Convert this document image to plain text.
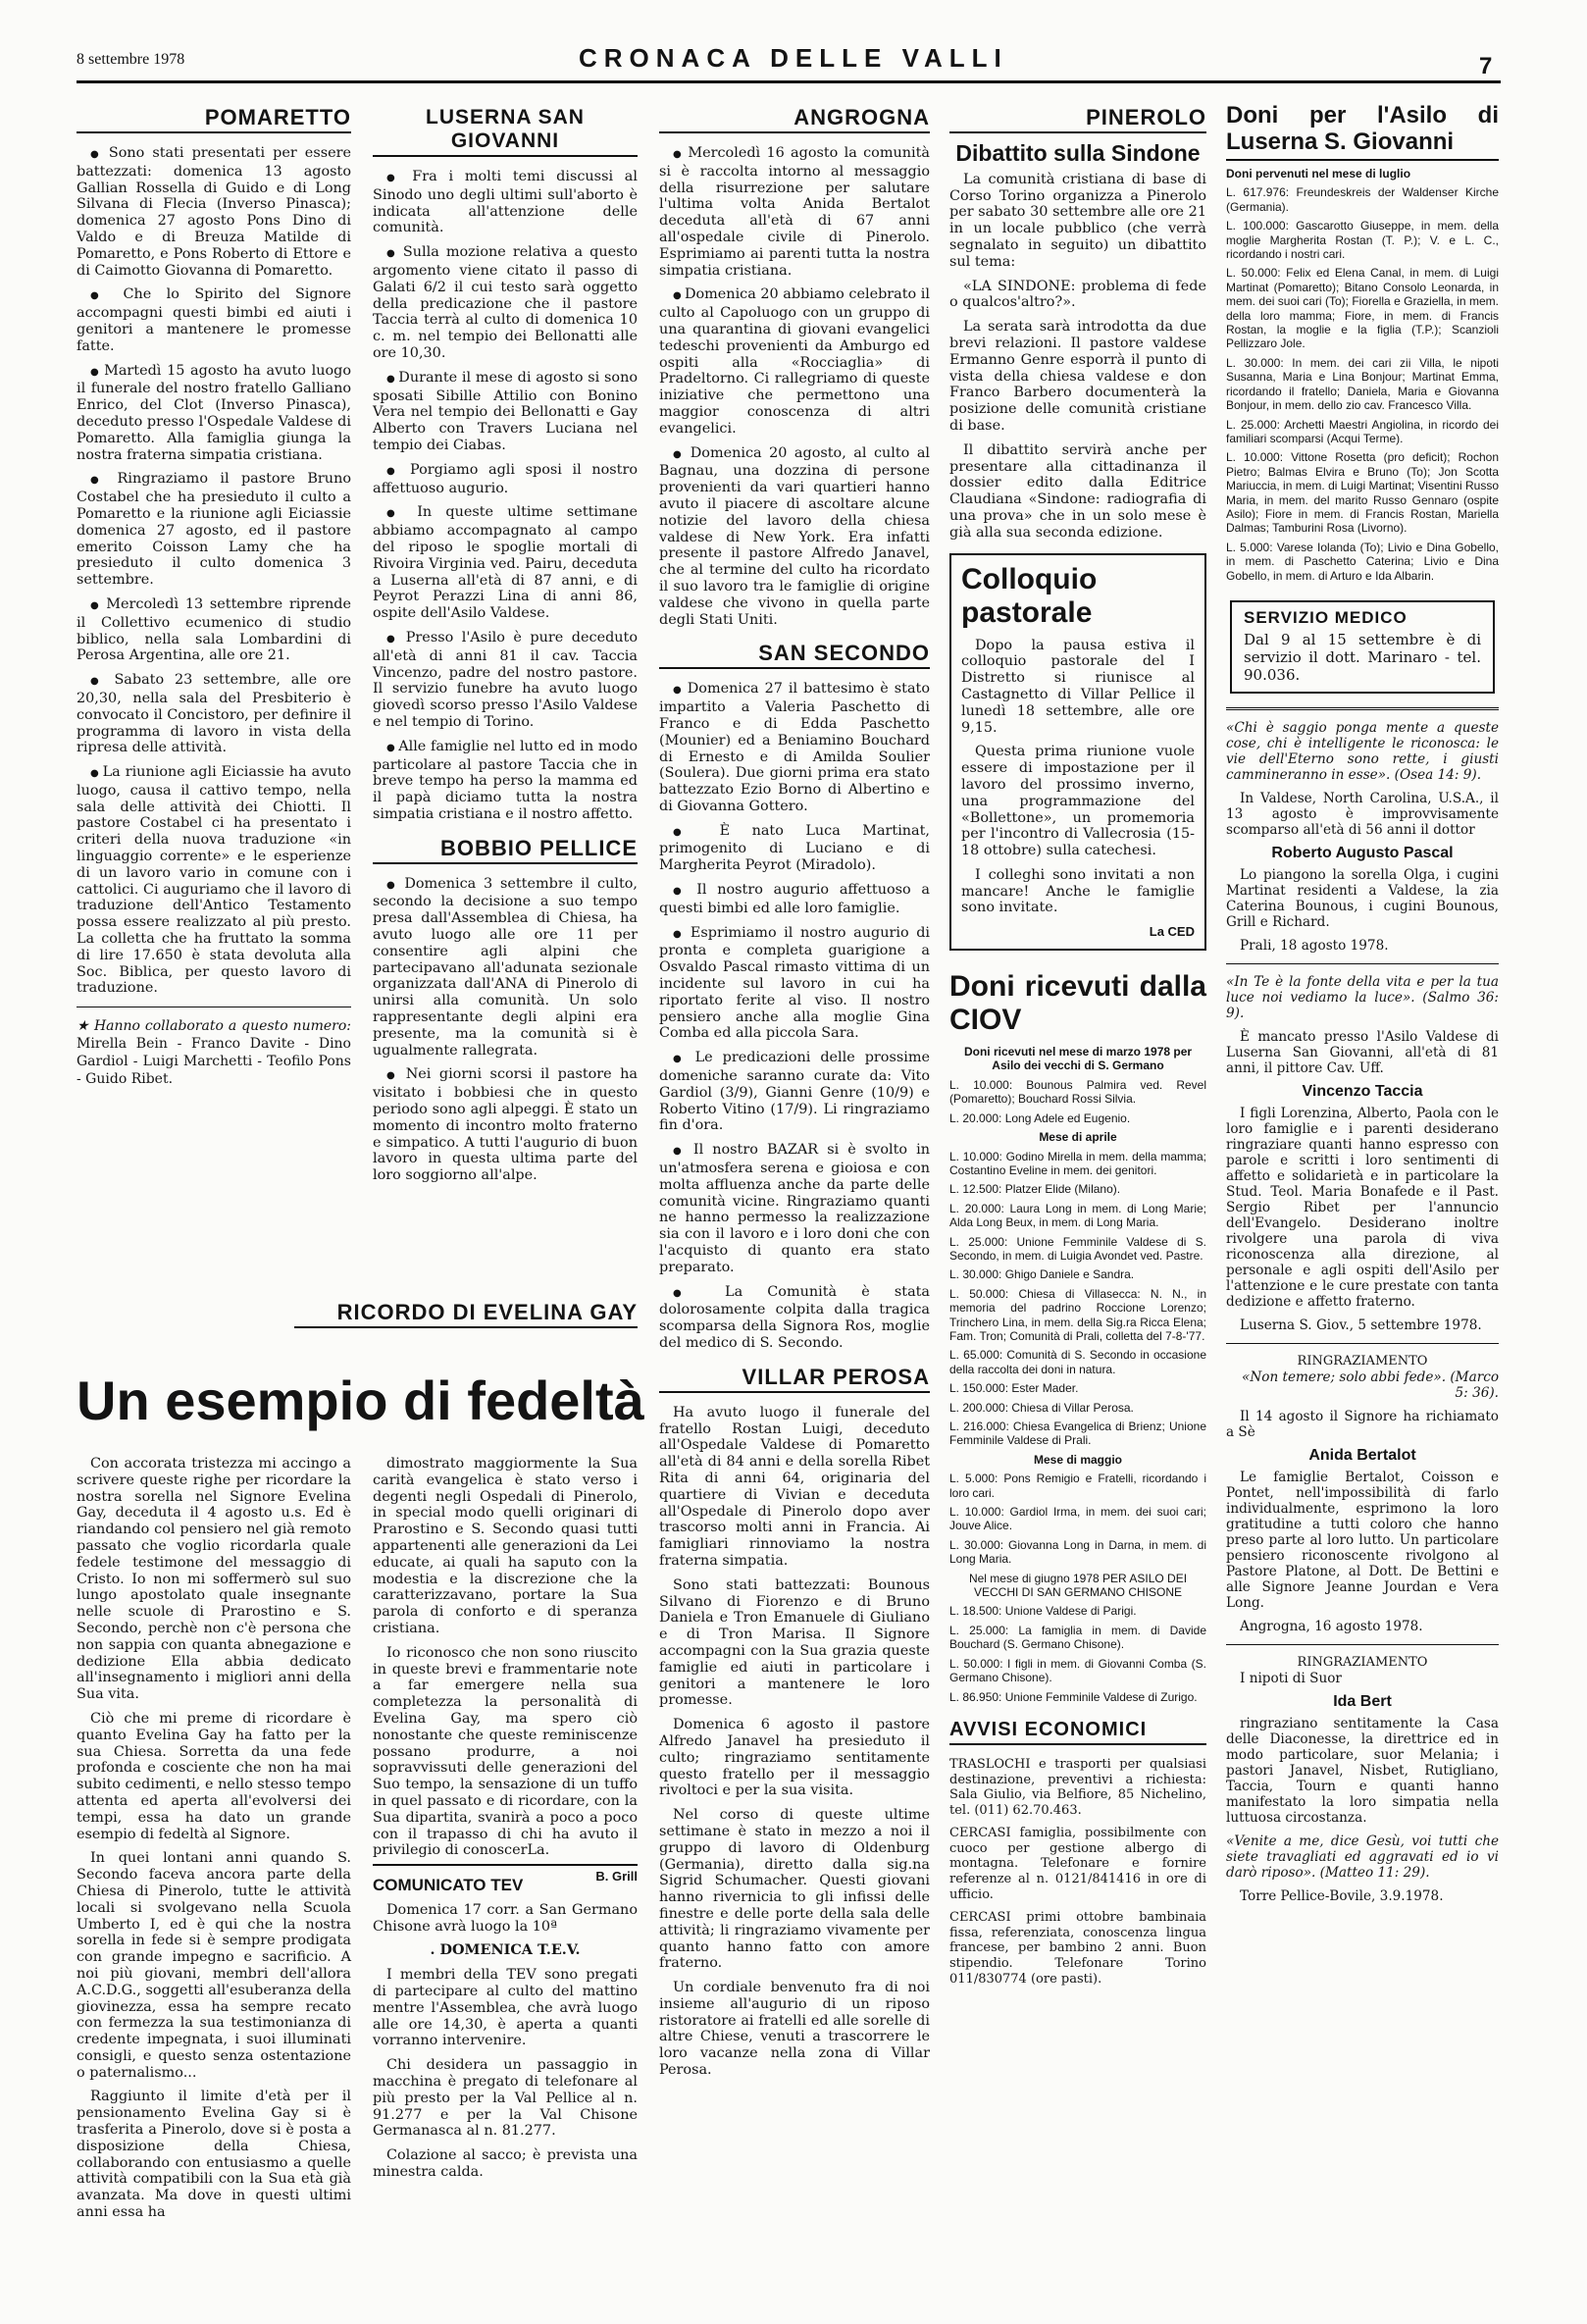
8 settembre 1978	CRONACA DELLE VALLI	7
POMARETTO

● Sono stati presentati per essere battezzati: domenica 13 agosto Gallian Rossella di Guido e di Long Silvana di Flecia (Inverso Pinasca); domenica 27 agosto Pons Dino di Valdo e di Breuza Matilde di Pomaretto, e Pons Roberto di Ettore e di Caimotto Giovanna di Pomaretto.

● Che lo Spirito del Signore accompagni questi bimbi ed aiuti i genitori a mantenere le promesse fatte.

● Martedì 15 agosto ha avuto luogo il funerale del nostro fratello Galliano Enrico, del Clot (Inverso Pinasca), deceduto presso l'Ospedale Valdese di Pomaretto. Alla famiglia giunga la nostra fraterna simpatia cristiana.

● Ringraziamo il pastore Bruno Costabel che ha presieduto il culto a Pomaretto e la riunione agli Eiciassie domenica 27 agosto, ed il pastore emerito Coisson Lamy che ha presieduto il culto domenica 3 settembre.

● Mercoledì 13 settembre riprende il Collettivo ecumenico di studio biblico, nella sala Lombardini di Perosa Argentina, alle ore 21.

● Sabato 23 settembre, alle ore 20,30, nella sala del Presbiterio è convocato il Concistoro, per definire il programma di lavoro in vista della ripresa delle attività.

● La riunione agli Eiciassie ha avuto luogo, causa il cattivo tempo, nella sala delle attività dei Chiotti. Il pastore Costabel ci ha presentato i criteri della nuova traduzione «in linguaggio corrente» e le esperienze di un lavoro vario in comune con i cattolici. Ci auguriamo che il lavoro di traduzione dell'Antico Testamento possa essere realizzato al più presto. La colletta che ha fruttato la somma di lire 17.650 è stata devoluta alla Soc. Biblica, per questo lavoro di traduzione.

★ Hanno collaborato a questo numero: Mirella Bein - Franco Davite - Dino Gardiol - Luigi Marchetti - Teofilo Pons - Guido Ribet.

LUSERNA SAN GIOVANNI

● Fra i molti temi discussi al Sinodo uno degli ultimi sull'aborto è indicata all'attenzione delle comunità.

● Sulla mozione relativa a questo argomento viene citato il passo di Galati 6/2 il cui testo sarà oggetto della predicazione che il pastore Taccia terrà al culto di domenica 10 c. m. nel tempio dei Bellonatti alle ore 10,30.

● Durante il mese di agosto si sono sposati Sibille Attilio con Bonino Vera nel tempio dei Bellonatti e Gay Alberto con Travers Luciana nel tempio dei Ciabas.

● Porgiamo agli sposi il nostro affettuoso augurio.

● In queste ultime settimane abbiamo accompagnato al campo del riposo le spoglie mortali di Rivoira Virginia ved. Pairu, deceduta a Luserna all'età di 87 anni, e di Peyrot Perazzi Lina di anni 86, ospite dell'Asilo Valdese.

● Presso l'Asilo è pure deceduto all'età di anni 81 il cav. Taccia Vincenzo, padre del nostro pastore. Il servizio funebre ha avuto luogo giovedì scorso presso l'Asilo Valdese e nel tempio di Torino.

● Alle famiglie nel lutto ed in modo particolare al pastore Taccia che in breve tempo ha perso la mamma ed il papà diciamo tutta la nostra simpatia cristiana e il nostro affetto.

BOBBIO PELLICE

● Domenica 3 settembre il culto, secondo la decisione a suo tempo presa dall'Assemblea di Chiesa, ha avuto luogo alle ore 11 per consentire agli alpini che partecipavano all'adunata sezionale organizzata dall'ANA di Pinerolo di unirsi alla comunità. Un solo rappresentante degli alpini era presente, ma la comunità si è ugualmente rallegrata.

● Nei giorni scorsi il pastore ha visitato i bobbiesi che in questo periodo sono agli alpeggi. È stato un momento di incontro molto fraterno e simpatico. A tutti l'augurio di buon lavoro in questa ultima parte del loro soggiorno all'alpe.

ANGROGNA

● Mercoledì 16 agosto la comunità si è raccolta intorno al messaggio della risurrezione per salutare l'ultima volta Anida Bertalot deceduta all'età di 67 anni all'ospedale civile di Pinerolo. Esprimiamo ai parenti tutta la nostra simpatia cristiana.

● Domenica 20 abbiamo celebrato il culto al Capoluogo con un gruppo di una quarantina di giovani evangelici tedeschi provenienti da Amburgo ed ospiti alla «Rocciaglia» di Pradeltorno. Ci rallegriamo di queste iniziative che permettono una maggior conoscenza di altri evangelici.

● Domenica 20 agosto, al culto al Bagnau, una dozzina di persone provenienti da vari quartieri hanno avuto il piacere di ascoltare alcune notizie del lavoro della chiesa valdese di New York. Era infatti presente il pastore Alfredo Janavel, che al termine del culto ha ricordato il suo lavoro tra le famiglie di origine valdese che vivono in quella parte degli Stati Uniti.

SAN SECONDO

● Domenica 27 il battesimo è stato impartito a Valeria Paschetto di Franco e di Edda Paschetto (Mounier) ed a Beniamino Bouchard di Ernesto e di Amilda Soulier (Soulera). Due giorni prima era stato battezzato Ezio Borno di Albertino e di Giovanna Gottero.

● È nato Luca Martinat, primogenito di Luciano e di Margherita Peyrot (Miradolo).

● Il nostro augurio affettuoso a questi bimbi ed alle loro famiglie.

● Esprimiamo il nostro augurio di pronta e completa guarigione a Osvaldo Pascal rimasto vittima di un incidente sul lavoro in cui ha riportato ferite al viso. Il nostro pensiero anche alla moglie Gina Comba ed alla piccola Sara.

● Le predicazioni delle prossime domeniche saranno curate da: Vito Gardiol (3/9), Gianni Genre (10/9) e Roberto Vitino (17/9). Li ringraziamo fin d'ora.

● Il nostro BAZAR si è svolto in un'atmosfera serena e gioiosa e con molta affluenza anche da parte delle comunità vicine. Ringraziamo quanti ne hanno permesso la realizzazione sia con il lavoro e i loro doni che con l'acquisto di quanto era stato preparato.

● La Comunità è stata dolorosamente colpita dalla tragica scomparsa della Signora Ros, moglie del medico di S. Secondo.

VILLAR PEROSA

Ha avuto luogo il funerale del fratello Rostan Luigi, deceduto all'Ospedale Valdese di Pomaretto all'età di 84 anni e della sorella Ribet Rita di anni 64, originaria del quartiere di Vivian e deceduta all'Ospedale di Pinerolo dopo aver trascorso molti anni in Francia. Ai famigliari rinnoviamo la nostra fraterna simpatia.

Sono stati battezzati: Bounous Silvano di Fiorenzo e di Bruno Daniela e Tron Emanuele di Giuliano e di Tron Marisa. Il Signore accompagni con la Sua grazia queste famiglie ed aiuti in particolare i genitori a mantenere le loro promesse.

Domenica 6 agosto il pastore Alfredo Janavel ha presieduto il culto; ringraziamo sentitamente questo fratello per il messaggio rivoltoci e per la sua visita.

Nel corso di queste ultime settimane è stato in mezzo a noi il gruppo di lavoro di Oldenburg (Germania), diretto dalla sig.na Sigrid Schumacher. Questi giovani hanno rivernicia to gli infissi delle finestre e delle porte della sala delle attività; li ringraziamo vivamente per quanto hanno fatto con amore fraterno.

Un cordiale benvenuto fra di noi insieme all'augurio di un riposo ristoratore ai fratelli ed alle sorelle di altre Chiese, venuti a trascorrere le loro vacanze nella zona di Villar Perosa.

PINEROLO
Dibattito sulla Sindone

La comunità cristiana di base di Corso Torino organizza a Pinerolo per sabato 30 settembre alle ore 21 in un locale pubblico (che verrà segnalato in seguito) un dibattito sul tema:

«LA SINDONE: problema di fede o qualcos'altro?».

La serata sarà introdotta da due brevi relazioni. Il pastore valdese Ermanno Genre esporrà il punto di vista della chiesa valdese e don Franco Barbero documenterà la posizione delle comunità cristiane di base.

Il dibattito servirà anche per presentare alla cittadinanza il dossier edito dalla Editrice Claudiana «Sindone: radiografia di una prova» che in un solo mese è già alla sua seconda edizione.

Colloquio pastorale

Dopo la pausa estiva il colloquio pastorale del I Distretto si riunisce al Castagnetto di Villar Pellice il lunedì 18 settembre, alle ore 9,15.

Questa prima riunione vuole essere di impostazione per il lavoro del prossimo inverno, una programmazione del «Bollettone», un promemoria per l'incontro di Vallecrosia (15-18 ottobre) sulla catechesi.

I colleghi sono invitati a non mancare! Anche le famiglie sono invitate.

La CED
Doni ricevuti dalla CIOV

Doni ricevuti nel mese di marzo 1978 per Asilo dei vecchi di S. Germano

L. 10.000: Bounous Palmira ved. Revel (Pomaretto); Bouchard Rossi Silvia.

L. 20.000: Long Adele ed Eugenio.

Mese di aprile

L. 10.000: Godino Mirella in mem. della mamma; Costantino Eveline in mem. dei genitori.

L. 12.500: Platzer Elide (Milano).

L. 20.000: Laura Long in mem. di Long Marie; Alda Long Beux, in mem. di Long Maria.

L. 25.000: Unione Femminile Valdese di S. Secondo, in mem. di Luigia Avondet ved. Pastre.

L. 30.000: Ghigo Daniele e Sandra.

L. 50.000: Chiesa di Villasecca: N. N., in memoria del padrino Roccione Lorenzo; Trinchero Lina, in mem. della Sig.ra Ricca Elena; Fam. Tron; Comunità di Prali, colletta del 7-8-'77.

L. 65.000: Comunità di S. Secondo in occasione della raccolta dei doni in natura.

L. 150.000: Ester Mader.

L. 200.000: Chiesa di Villar Perosa.

L. 216.000: Chiesa Evangelica di Brienz; Unione Femminile Valdese di Prali.

Mese di maggio

L. 5.000: Pons Remigio e Fratelli, ricordando i loro cari.

L. 10.000: Gardiol Irma, in mem. dei suoi cari; Jouve Alice.

L. 30.000: Giovanna Long in Darna, in mem. di Long Maria.

Nel mese di giugno 1978 PER ASILO DEI VECCHI DI SAN GERMANO CHISONE

L. 18.500: Unione Valdese di Parigi.

L. 25.000: La famiglia in mem. di Davide Bouchard (S. Germano Chisone).

L. 50.000: I figli in mem. di Giovanni Comba (S. Germano Chisone).

L. 86.950: Unione Femminile Valdese di Zurigo.

AVVISI ECONOMICI

TRASLOCHI e trasporti per qualsiasi destinazione, preventivi a richiesta: Sala Giulio, via Belfiore, 85 Nichelino, tel. (011) 62.70.463.

CERCASI famiglia, possibilmente con cuoco per gestione albergo di montagna. Telefonare e fornire referenze al n. 0121/841416 in ore di ufficio.

CERCASI primi ottobre bambinaia fissa, referenziata, conoscenza lingua francese, per bambino 2 anni. Buon stipendio. Telefonare Torino 011/830774 (ore pasti).

Doni per l'Asilo di Luserna S. Giovanni

Doni pervenuti nel mese di luglio

L. 617.976: Freundeskreis der Waldenser Kirche (Germania).

L. 100.000: Gascarotto Giuseppe, in mem. della moglie Margherita Rostan (T. P.); V. e L. C., ricordando i nostri cari.

L. 50.000: Felix ed Elena Canal, in mem. di Luigi Martinat (Pomaretto); Bitano Consolo Leonarda, in mem. dei suoi cari (To); Fiorella e Graziella, in mem. della loro mamma; Fiore, in mem. di Francis Rostan, la moglie e la figlia (T.P.); Scanzioli Pellizzaro Jole.

L. 30.000: In mem. dei cari zii Villa, le nipoti Susanna, Maria e Lina Bonjour; Martinat Emma, ricordando il fratello; Daniela, Maria e Giovanna Bonjour, in mem. dello zio cav. Francesco Villa.

L. 25.000: Archetti Maestri Angiolina, in ricordo dei familiari scomparsi (Acqui Terme).

L. 10.000: Vittone Rosetta (pro deficit); Rochon Pietro; Balmas Elvira e Bruno (To); Jon Scotta Mariuccia, in mem. di Luigi Martinat; Visentini Russo Maria, in mem. del marito Russo Gennaro (ospite Asilo); Fiore in mem. di Francis Rostan, Mariella Dalmas; Tamburini Rosa (Livorno).

L. 5.000: Varese Iolanda (To); Livio e Dina Gobello, in mem. di Paschetto Caterina; Livio e Dina Gobello, in mem. di Arturo e Ida Albarin.

SERVIZIO MEDICO
Dal 9 al 15 settembre è di servizio il dott. Marinaro - tel. 90.036.

«Chi è saggio ponga mente a queste cose, chi è intelligente le riconosca: le vie dell'Eterno sono rette, i giusti cammineranno in esse». (Osea 14: 9).

In Valdese, North Carolina, U.S.A., il 13 agosto è improvvisamente scomparso all'età di 56 anni il dottor

Roberto Augusto Pascal

Lo piangono la sorella Olga, i cugini Martinat residenti a Valdese, la zia Caterina Bounous, i cugini Bounous, Grill e Richard.

Prali, 18 agosto 1978.

«In Te è la fonte della vita e per la tua luce noi vediamo la luce». (Salmo 36: 9).

È mancato presso l'Asilo Valdese di Luserna San Giovanni, all'età di 81 anni, il pittore Cav. Uff.

Vincenzo Taccia

I figli Lorenzina, Alberto, Paola con le loro famiglie e i parenti desiderano ringraziare quanti hanno espresso con parole e scritti i loro sentimenti di affetto e solidarietà e in particolare la Stud. Teol. Maria Bonafede e il Past. Sergio Ribet per l'annuncio dell'Evangelo. Desiderano inoltre rivolgere una parola di viva riconoscenza alla direzione, al personale e agli ospiti dell'Asilo per l'attenzione e le cure prestate con tanta dedizione e affetto fraterno.

Luserna S. Giov., 5 settembre 1978.

RINGRAZIAMENTO

«Non temere; solo abbi fede». (Marco 5: 36).

Il 14 agosto il Signore ha richiamato a Sè

Anida Bertalot

Le famiglie Bertalot, Coisson e Pontet, nell'impossibilità di farlo individualmente, esprimono la loro gratitudine a tutti coloro che hanno preso parte al loro lutto. Un particolare pensiero riconoscente rivolgono al Pastore Platone, al Dott. De Bettini e alle Signore Jeanne Jourdan e Vera Long.

Angrogna, 16 agosto 1978.

RINGRAZIAMENTO

I nipoti di Suor

Ida Bert

ringraziano sentitamente la Casa delle Diaconesse, la direttrice ed in modo particolare, suor Melania; i pastori Janavel, Nisbet, Rutigliano, Taccia, Tourn e quanti hanno manifestato la loro simpatia nella luttuosa circostanza.

«Venite a me, dice Gesù, voi tutti che siete travagliati ed aggravati ed io vi darò riposo». (Matteo 11: 29).

Torre Pellice-Bovile, 3.9.1978.

RICORDO DI EVELINA GAY
Un esempio di fedeltà

Con accorata tristezza mi accingo a scrivere queste righe per ricordare la nostra sorella nel Signore Evelina Gay, deceduta il 4 agosto u.s. Ed è riandando col pensiero nel già remoto passato che voglio ricordarla quale fedele testimone del messaggio di Cristo. Io non mi soffermerò sul suo lungo apostolato quale insegnante nelle scuole di Prarostino e S. Secondo, perchè non c'è persona che non sappia con quanta abnegazione e dedizione Ella abbia dedicato all'insegnamento i migliori anni della Sua vita.

Ciò che mi preme di ricordare è quanto Evelina Gay ha fatto per la sua Chiesa. Sorretta da una fede profonda e cosciente che non ha mai subito cedimenti, e nello stesso tempo attenta ed aperta all'evolversi dei tempi, essa ha dato un grande esempio di fedeltà al Signore.

In quei lontani anni quando S. Secondo faceva ancora parte della Chiesa di Pinerolo, tutte le attività locali si svolgevano nella Scuola Umberto I, ed è qui che la nostra sorella in fede si è sempre prodigata con grande impegno e sacrificio. A noi più giovani, membri dell'allora A.C.D.G., soggetti all'esuberanza della giovinezza, essa ha sempre recato con fermezza la sua testimonianza di credente impegnata, i suoi illuminati consigli, e questo senza ostentazione o paternalismo...

Raggiunto il limite d'età per il pensionamento Evelina Gay si è trasferita a Pinerolo, dove si è posta a disposizione della Chiesa, collaborando con entusiasmo a quelle attività compatibili con la Sua età già avanzata. Ma dove in questi ultimi anni essa ha

dimostrato maggiormente la Sua carità evangelica è stato verso i degenti negli Ospedali di Pinerolo, in special modo quelli originari di Prarostino e S. Secondo quasi tutti appartenenti alle generazioni da Lei educate, ai quali ha saputo con la modestia e la discrezione che la caratterizzavano, portare la Sua parola di conforto e di speranza cristiana.

Io riconosco che non sono riuscito in queste brevi e frammentarie note a far emergere nella sua completezza la personalità di Evelina Gay, ma spero ciò nonostante che queste reminiscenze possano produrre, a noi sopravvissuti delle generazioni del Suo tempo, la sensazione di un tuffo in quel passato e di ricordare, con la Sua dipartita, svanirà a poco a poco con il trapasso di chi ha avuto il privilegio di conoscerLa.

B. Grill
COMUNICATO TEV

Domenica 17 corr. a San Germano Chisone avrà luogo la 10ª

. DOMENICA T.E.V.

I membri della TEV sono pregati di partecipare al culto del mattino mentre l'Assemblea, che avrà luogo alle ore 14,30, è aperta a quanti vorranno intervenire.

Chi desidera un passaggio in macchina è pregato di telefonare al più presto per la Val Pellice al n. 91.277 e per la Val Chisone Germanasca al n. 81.277.

Colazione al sacco; è prevista una minestra calda.
